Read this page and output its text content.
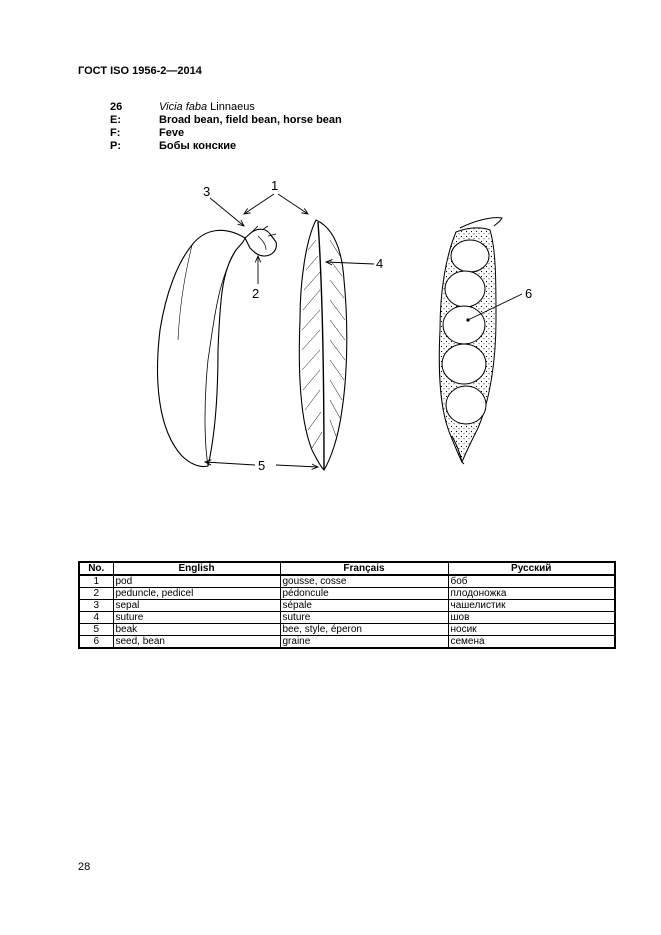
ГОСТ ISO 1956-2—2014
26	Vicia faba Linnaeus
E:	Broad bean, field bean, horse bean
F:	Feve
P:	Бобы конские
1
3
2
4
5
6
No.	English	Français	Русский
1	pod	gousse, cosse	боб
2	peduncle, pedicel	pédoncule	плодоножка
3	sepal	sépale	чашелистик
4	suture	suture	шов
5	beak	bee, style, éperon	носик
6	seed, bean	graine	семена
28
